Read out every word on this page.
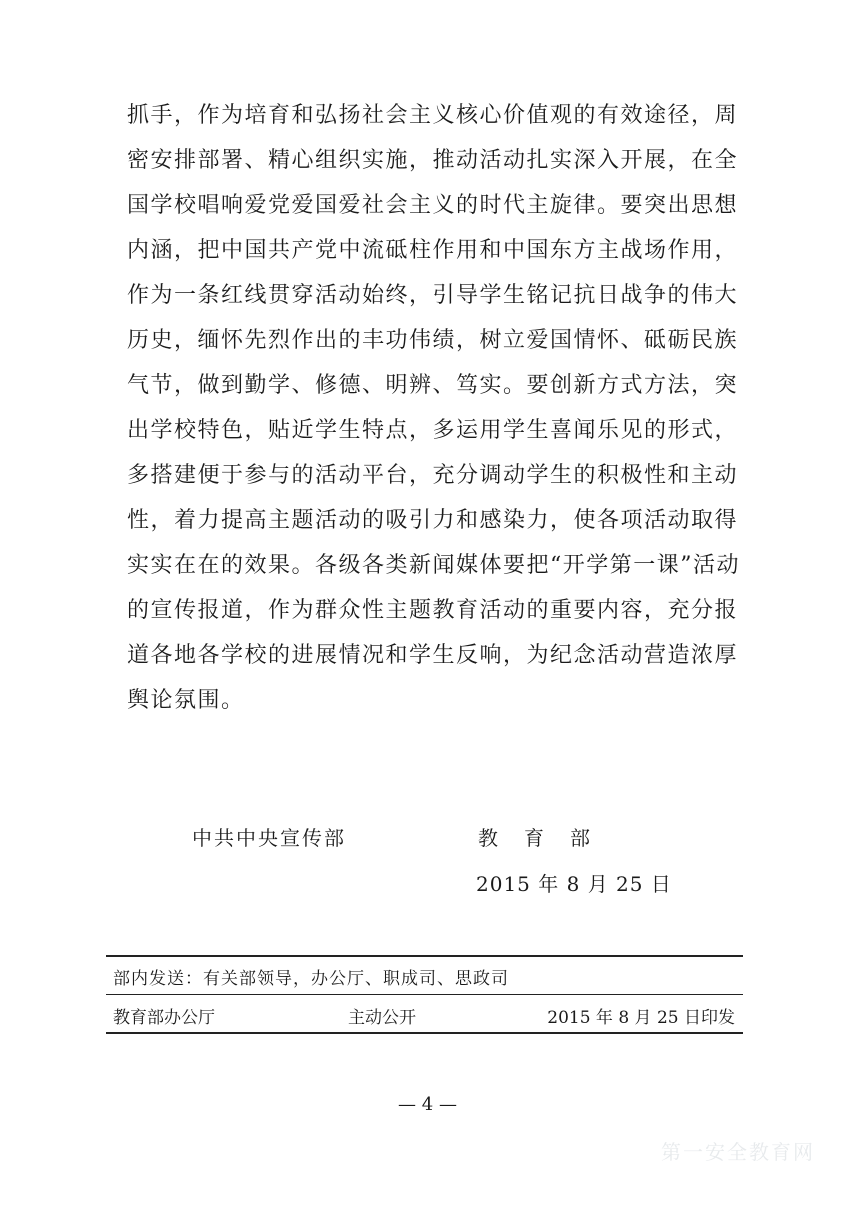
抓手，作为培育和弘扬社会主义核心价值观的有效途径，周
密安排部署、精心组织实施，推动活动扎实深入开展，在全
国学校唱响爱党爱国爱社会主义的时代主旋律。要突出思想
内涵，把中国共产党中流砥柱作用和中国东方主战场作用，
作为一条红线贯穿活动始终，引导学生铭记抗日战争的伟大
历史，缅怀先烈作出的丰功伟绩，树立爱国情怀、砥砺民族
气节，做到勤学、修德、明辨、笃实。要创新方式方法，突
出学校特色，贴近学生特点，多运用学生喜闻乐见的形式，
多搭建便于参与的活动平台，充分调动学生的积极性和主动
性，着力提高主题活动的吸引力和感染力，使各项活动取得
实实在在的效果。各级各类新闻媒体要把“开学第一课”活动
的宣传报道，作为群众性主题教育活动的重要内容，充分报
道各地各学校的进展情况和学生反响，为纪念活动营造浓厚
舆论氛围。
中共中央宣传部	教育部
2015 年 8 月 25 日
部内发送：有关部领导，办公厅、职成司、思政司
教育部办公厅	主动公开	2015 年 8 月 25 日印发
— 4 —
第一安全教育网
